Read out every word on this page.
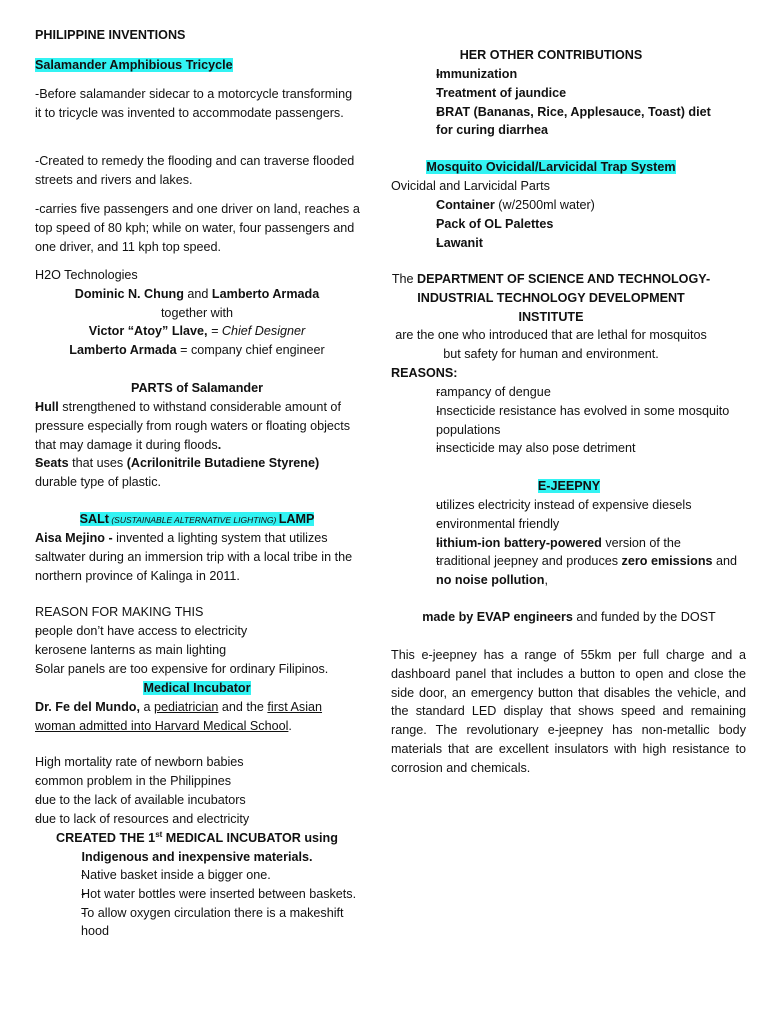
PHILIPPINE INVENTIONS

Salamander Amphibious Tricycle

-Before salamander sidecar to a motorcycle transforming it to tricycle was invented to accommodate passengers.

-Created to remedy the flooding and can traverse flooded streets and rivers and lakes.

-carries five passengers and one driver on land, reaches a top speed of 80 kph; while on water, four passengers and one driver, and 11 kph top speed.

H2O Technologies

Dominic N. Chung and Lamberto Armada

together with

Victor “Atoy” Llave, = Chief Designer

Lamberto Armada = company chief engineer

PARTS of Salamander

- Hull strengthened to withstand considerable amount of pressure especially from rough waters or floating objects that may damage it during floods.
- Seats that uses (Acrilonitrile Butadiene Styrene) durable type of plastic.

SALt (SUSTAINABLE ALTERNATIVE LIGHTING) LAMP

Aisa Mejino - invented a lighting system that utilizes saltwater during an immersion trip with a local tribe in the northern province of Kalinga in 2011.

REASON FOR MAKING THIS

- people don’t have access to electricity
- kerosene lanterns as main lighting
- Solar panels are too expensive for ordinary Filipinos.

Medical Incubator

Dr. Fe del Mundo, a pediatrician and the first Asian woman admitted into Harvard Medical School.

High mortality rate of newborn babies

- common problem in the Philippines
- due to the lack of available incubators
- due to lack of resources and electricity

CREATED THE 1st MEDICAL INCUBATOR using

Indigenous and inexpensive materials.

- Native basket inside a bigger one.
- Hot water bottles were inserted between baskets.
- To allow oxygen circulation there is a makeshift hood

HER OTHER CONTRIBUTIONS

- Immunization
- Treatment of jaundice
- BRAT (Bananas, Rice, Applesauce, Toast) diet for curing diarrhea

Mosquito Ovicidal/Larvicidal Trap System

Ovicidal and Larvicidal Parts

- Container (w/2500ml water)
- Pack of OL Palettes
- Lawanit

The DEPARTMENT OF SCIENCE AND TECHNOLOGY-INDUSTRIAL TECHNOLOGY DEVELOPMENT INSTITUTE
are the one who introduced that are lethal for mosquitos but safety for human and environment.

REASONS:

- rampancy of dengue
- Insecticide resistance has evolved in some mosquito populations
- insecticide may also pose detriment

E-JEEPNY

- utilizes electricity instead of expensive diesels
- environmental friendly
- lithium-ion battery-powered version of the
- traditional jeepney and produces zero emissions and no noise pollution,

made by EVAP engineers and funded by the DOST

This e-jeepney has a range of 55km per full charge and a dashboard panel that includes a button to open and close the side door, an emergency button that disables the vehicle, and the standard LED display that shows speed and remaining range. The revolutionary e-jeepney has non-metallic body materials that are excellent insulators with high resistance to corrosion and chemicals.
